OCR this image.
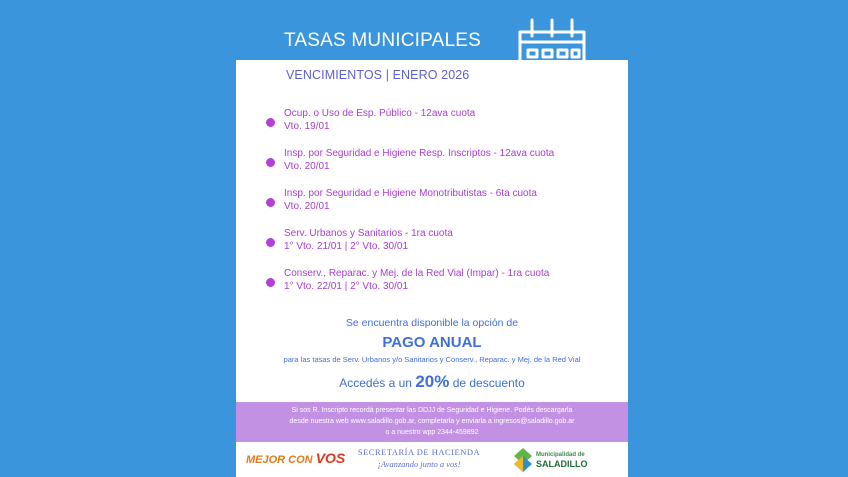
TASAS MUNICIPALES
VENCIMIENTOS | ENERO 2026
Ocup. o Uso de Esp. Público - 12ava cuota
Vto. 19/01
Insp. por Seguridad e Higiene Resp. Inscriptos - 12ava cuota
Vto. 20/01
Insp. por Seguridad e Higiene Monotributistas - 6ta cuota
Vto. 20/01
Serv. Urbanos y Sanitarios - 1ra cuota
1° Vto. 21/01 | 2° Vto. 30/01
Conserv., Reparac. y Mej. de la Red Vial (Impar) - 1ra cuota
1° Vto. 22/01 | 2° Vto. 30/01
Se encuentra disponible la opción de
PAGO ANUAL
para las tasas de Serv. Urbanos y/o Sanitarios y Conserv., Reparac. y Mej. de la Red Vial
Accedés a un 20% de descuento
Si sos R. Inscripto recordá presentar las DDJJ de Seguridad e Higiene. Podés descargarla
desde nuestra web www.saladillo.gob.ar, completarla y enviarla a ingresos@saladillo.gob.ar
o a nuestro wpp 2344-459892
MEJOR CON VOS	SECRETARÍA DE HACIENDA
¡Avanzando junto a vos!
Municipalidad de
SALADILLO
